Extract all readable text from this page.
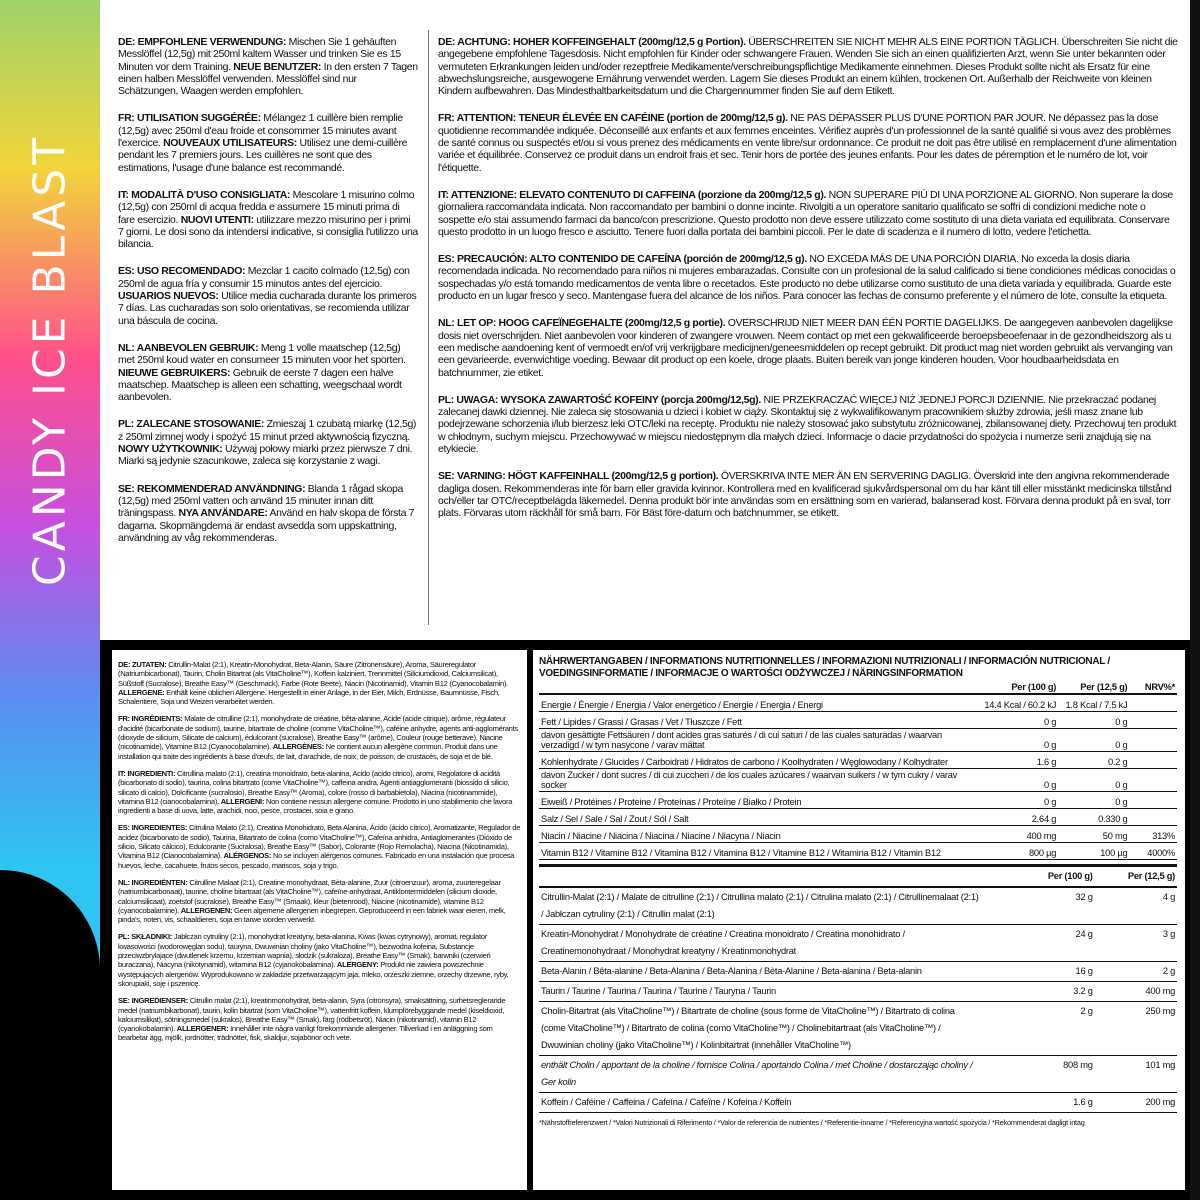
CANDY ICE BLAST
DE: EMPFOHLENE VERWENDUNG: Mischen Sie 1 gehäuften Messlöffel (12,5g) mit 250ml kaltem Wasser und trinken Sie es 15 Minuten vor dem Training. NEUE BENUTZER: In den ersten 7 Tagen einen halben Messlöffel verwenden. Messlöffel sind nur Schätzungen, Waagen werden empfohlen.
FR: UTILISATION SUGGÉRÉE: Mélangez 1 cuillère bien remplie (12,5g) avec 250ml d'eau froide et consommer 15 minutes avant l'exercice. NOUVEAUX UTILISATEURS: Utilisez une demi-cuillère pendant les 7 premiers jours. Les cuillères ne sont que des estimations, l'usage d'une balance est recommandé.
IT: MODALITÀ D'USO CONSIGLIATA: Mescolare 1 misurino colmo (12,5g) con 250ml di acqua fredda e assumere 15 minuti prima di fare esercizio. NUOVI UTENTI: utilizzare mezzo misurino per i primi 7 giorni. Le dosi sono da intendersi indicative, si consiglia l'utilizzo una bilancia.
ES: USO RECOMENDADO: Mezclar 1 cacito colmado (12,5g) con 250ml de agua fría y consumir 15 minutos antes del ejercicio. USUARIOS NUEVOS: Utilice media cucharada durante los primeros 7 días. Las cucharadas son solo orientativas, se recomienda utilizar una báscula de cocina.
NL: AANBEVOLEN GEBRUIK: Meng 1 volle maatschep (12,5g) met 250ml koud water en consumeer 15 minuten voor het sporten. NIEUWE GEBRUIKERS: Gebruik de eerste 7 dagen een halve maatschep. Maatschep is alleen een schatting, weegschaal wordt aanbevolen.
PL: ZALECANE STOSOWANIE: Zmieszaj 1 czubatą miarkę (12,5g) z 250ml zimnej wody i spożyć 15 minut przed aktywnością fizyczną. NOWY UŻYTKOWNIK: Używaj połowy miarki przez pierwsze 7 dni. Miarki są jedynie szacunkowe, zaleca się korzystanie z wagi.
SE: REKOMMENDERAD ANVÄNDNING: Blanda 1 rågad skopa (12,5g) med 250ml vatten och använd 15 minuter innan ditt träningspass. NYA ANVÄNDARE: Använd en halv skopa de första 7 dagarna. Skopmängderna är endast avsedda som uppskattning, användning av våg rekommenderas.
DE: ACHTUNG: HOHER KOFFEINGEHALT (200mg/12,5 g Portion). ÜBERSCHREITEN SIE NICHT MEHR ALS EINE PORTION TÄGLICH. Überschreiten Sie nicht die angegebene empfohlene Tagesdosis. Nicht empfohlen für Kinder oder schwangere Frauen. Wenden Sie sich an einen qualifizierten Arzt, wenn Sie unter bekannten oder vermuteten Erkrankungen leiden und/oder rezeptfreie Medikamente/verschreibungspflichtige Medikamente einnehmen. Dieses Produkt sollte nicht als Ersatz für eine abwechslungsreiche, ausgewogene Ernährung verwendet werden. Lagern Sie dieses Produkt an einem kühlen, trockenen Ort. Außerhalb der Reichweite von kleinen Kindern aufbewahren. Das Mindesthaltbarkeitsdatum und die Chargennummer finden Sie auf dem Etikett.
FR: ATTENTION: TENEUR ÉLEVÉE EN CAFÉINE (portion de 200mg/12,5 g). NE PAS DÉPASSER PLUS D'UNE PORTION PAR JOUR. Ne dépassez pas la dose quotidienne recommandée indiquée. Déconseillé aux enfants et aux femmes enceintes. Vérifiez auprès d'un professionnel de la santé qualifié si vous avez des problèmes de santé connus ou suspectés et/ou si vous prenez des médicaments en vente libre/sur ordonnance. Ce produit ne doit pas être utilisé en remplacement d'une alimentation variée et équilibrée. Conservez ce produit dans un endroit frais et sec. Tenir hors de portée des jeunes enfants. Pour les dates de péremption et le numéro de lot, voir l'étiquette.
IT: ATTENZIONE: ELEVATO CONTENUTO DI CAFFEINA (porzione da 200mg/12,5 g). NON SUPERARE PIÙ DI UNA PORZIONE AL GIORNO. Non superare la dose giornaliera raccomandata indicata. Non raccomandato per bambini o donne incinte. Rivolgiti a un operatore sanitario qualificato se soffri di condizioni mediche note o sospette e/o stai assumendo farmaci da banco/con prescrizione. Questo prodotto non deve essere utilizzato come sostituto di una dieta variata ed equilibrata. Conservare questo prodotto in un luogo fresco e asciutto. Tenere fuori dalla portata dei bambini piccoli. Per le date di scadenza e il numero di lotto, vedere l'etichetta.
ES: PRECAUCIÓN: ALTO CONTENIDO DE CAFEÍNA (porción de 200mg/12,5 g). NO EXCEDA MÁS DE UNA PORCIÓN DIARIA. No exceda la dosis diaria recomendada indicada. No recomendado para niños ni mujeres embarazadas. Consulte con un profesional de la salud calificado si tiene condiciones médicas conocidas o sospechadas y/o está tomando medicamentos de venta libre o recetados. Este producto no debe utilizarse como sustituto de una dieta variada y equilibrada. Guarde este producto en un lugar fresco y seco. Mantengase fuera del alcance de los niños. Para conocer las fechas de consumo preferente y el número de lote, consulte la etiqueta.
NL: LET OP: HOOG CAFEÏNEGEHALTE (200mg/12,5 g portie). OVERSCHRIJD NIET MEER DAN ÉÉN PORTIE DAGELIJKS. De aangegeven aanbevolen dagelijkse dosis niet overschrijden. Niet aanbevolen voor kinderen of zwangere vrouwen. Neem contact op met een gekwalificeerde beroepsbeoefenaar in de gezondheidszorg als u een medische aandoening kent of vermoedt en/of vrij verkrijgbare medicijnen/geneesmiddelen op recept gebruikt. Dit product mag niet worden gebruikt als vervanging van een gevarieerde, evenwichtige voeding. Bewaar dit product op een koele, droge plaats. Buiten bereik van jonge kinderen houden. Voor houdbaarheidsdata en batchnummer, zie etiket.
PL: UWAGA: WYSOKA ZAWARTOŚĆ KOFEINY (porcja 200mg/12,5g). NIE PRZEKRACZAĆ WIĘCEJ NIŻ JEDNEJ PORCJI DZIENNIE. Nie przekraczać podanej zalecanej dawki dziennej. Nie zaleca się stosowania u dzieci i kobiet w ciąży. Skontaktuj się z wykwalifikowanym pracownikiem służby zdrowia, jeśli masz znane lub podejrzewane schorzenia i/lub bierzesz leki OTC/leki na receptę. Produktu nie należy stosować jako substytutu zróżnicowanej, zbilansowanej diety. Przechowuj ten produkt w chłodnym, suchym miejscu. Przechowywać w miejscu niedostępnym dla małych dzieci. Informacje o dacie przydatności do spożycia i numerze serii znajdują się na etykiecie.
SE: VARNING: HÖGT KAFFEINHALL (200mg/12,5 g portion). ÖVERSKRIVA INTE MER ÄN EN SERVERING DAGLIG. Överskrid inte den angivna rekommenderade dagliga dosen. Rekommenderas inte för barn eller gravida kvinnor. Kontrollera med en kvalificerad sjukvårdspersonal om du har känt till eller misstänkt medicinska tillstånd och/eller tar OTC/receptbelagda läkemedel. Denna produkt bör inte användas som en ersättning som en varierad, balanserad kost. Förvara denna produkt på en sval, torr plats. Förvaras utom räckhåll för små barn. För Bäst före-datum och batchnummer, se etikett.
DE: ZUTATEN: Citrullin-Malat (2:1), Kreatin-Monohydrat, Beta-Alanin, Säure (Zitronensäure), Aroma, Säureregulator (Natriumbicarbonat), Taurin, Cholin Bitartrat (als VitaCholine™), Koffein kalziniert, Trennmittel (Siliciumdioxid, Calciumsilicat), Süßstoff (Sucralose), Breathe Easy™ (Geschmack), Farbe (Rote Beete), Niacin (Nicotinamid), Vitamin B12 (Cyanocobalamin). ALLERGENE: Enthält keine üblichen Allergene. Hergestellt in einer Anlage, in der Eier, Milch, Erdnüsse, Baumnüsse, Fisch, Schalentiere, Soja und Weizen verarbeitet werden.
FR: INGRÉDIENTS: Malate de citrulline (2:1), monohydrate de créatine, bêta-alanine, Acide (acide citrique), arôme, régulateur d'acidité (bicarbonate de sodium), taurine, bitartrate de choline (comme VitaCholine™), caféine anhydre, agents anti-agglomérants (dioxyde de silicium, Silicate de calcium), édulcorant (sucralose), Breathe Easy™ (arôme), Couleur (rouge betterave), Niacine (nicotinamide), Vitamine B12 (Cyanocobalamine). ALLERGÈNES: Ne contient aucun allergène commun. Produit dans une installation qui traite des ingrédients à base d'œufs, de lait, d'arachide, de noix, de poisson, de crustacés, de soja et de blé.
IT: INGREDIENTI: Citrullina malato (2:1), creatina monoidrato, beta-alanina, Acido (acido citrico), aromi, Regolatore di acidità (bicarbonato di sodio), taurina, colina bitartrato (come VitaCholine™), caffeina anidra, Agenti antiagglomeranti (biossido di silicio, silicato di calcio), Dolcificante (sucralosio), Breathe Easy™ (Aroma), colore (rosso di barbabietola), Niacina (nicotinammide), vitamina B12 (cianocobalamina). ALLERGENI: Non contiene nessun allergene comune. Prodotto in uno stabilimento che lavora ingredienti a base di uova, latte, arachidi, noci, pesce, crostacei, soia e grano.
ES: INGREDIENTES: Citrulina Malato (2:1), Creatina Monohidrato, Beta Alanina, Ácido (ácido cítrico), Aromatizante, Regulador de acidez (bicarbonato de sodio), Taurina, Bitartrato de colina (como VitaCholine™), Cafeína anhidra, Antiaglomerantes (Dióxido de silicio, Silicato cálcico), Edulcorante (Sucralosa), Breathe Easy™ (Sabor), Colorante (Rojo Remolacha), Niacina (Nicotinamida), Vitamina B12 (Cianocobalamina). ALÉRGENOS: No se incluyen alérgenos comunes. Fabricado en una instalación que procesa huevos, leche, cacahuete, frutos secos, pescado, mariscos, soja y trigo.
NL: INGREDIËNTEN: Citrulline Malaat (2:1), Creatine monohydraat, Bèta-alanine, Zuur (citroenzuur), aroma, zuurteregelaar (natriumbicarbonaat), taurine, choline bitartraat (als VitaCholine™), cafeïne-anhydraat, Antiklontermiddelen (silicium dioxide, calciumsilicaat), zoetstof (sucralose), Breathe Easy™ (Smaak), kleur (bietenrood), Niacine (nicotinamide), vitamine B12 (cyanocobalamine). ALLERGENEN: Geen algemene allergenen inbegrepen. Geproduceerd in een fabriek waar eieren, melk, pinda's, noten, vis, schaaldieren, soja en tarwe worden verwerkt.
PL: SKŁADNIKI: Jabłczan cytruliny (2:1), monohydrat kreatyny, beta-alanina, Kwas (kwas cytrynowy), aromat, regulator kwasowości (wodorowęglan sodu), tauryna, Dwuwinian choliny (jako VitaCholine™), bezwodna kofeina, Substancje przeciwzbrylające (dwutlenek krzemu, krzemian wapnia), słodzik (sukraloza), Breathe Easy™ (Smak), barwniki (czerwień buraczana), Niacyna (nikotynamid), witamina B12 (cyjanokobalamina). ALERGENY: Produkt nie zawiera powszechnie występujących alergenów. Wyprodukowano w zakładzie przetwarzającym jaja, mleko, orzeszki ziemne, orzechy drzewne, ryby, skorupiaki, soję i pszenicę.
SE: INGREDIENSER: Citrullin malat (2:1), kreatinmonohydrat, beta-alanin, Syra (citronsyra), smaksättning, surhetsreglerande medel (natriumbikarbonat), taurin, kolin bitartrat (som VitaCholine™), vattenfritt koffein, klumpförebyggande medel (kiseldioxid, kalciumsilikat), sötningsmedel (sukralos), Breathe Easy™ (Smak), färg (rödbetsröt), Niacin (nikotinamid), vitamin B12 (cyanokobalamin). ALLERGENER: Innehåller inte några vanligt förekommande allergener. Tillverkad i en anläggning som bearbetar ägg, mjölk, jordnötter, trädnötter, fisk, skaldjur, sojabönor och vete.
NÄHRWERTANGABEN / INFORMATIONS NUTRITIONNELLES / INFORMAZIONI NUTRIZIONALI / INFORMACIÓN NUTRICIONAL / VOEDINGSINFORMATIE / INFORMACJE O WARTOŚCI ODŻYWCZEJ / NÄRINGSINFORMATION
	Per (100 g)	Per (12,5 g)	NRV%*
Energie / Énergie / Energia / Valor energético / Energie / Energia / Energi	14.4 Kcal / 60.2 kJ	1.8 Kcal / 7.5 kJ	
Fett / Lipides / Grassi / Grasas / Vet / Tłuszcze / Fett	0 g	0 g	
davon gesättigte Fettsäuren / dont acides gras saturés / di cui saturi / de las cuales saturadas / waarvan verzadigd / w tym nasycone / varav mättat	0 g	0 g	
Kohlenhydrate / Glucides / Carboidrati / Hidratos de carbono / Koolhydraten / Węglowodany / Kolhydrater	1.6 g	0.2 g	
davon Zucker / dont sucres / di cui zuccheri / de los cuales azúcares / waarvan suikers / w tym cukry / varav socker	0 g	0 g	
Eiweiß / Protéines / Proteine / Proteínas / Proteïne / Białko / Protein	0 g	0 g	
Salz / Sel / Sale / Sal / Zout / Sól / Salt	2.64 g	0.330 g	
Niacin / Niacine / Niacina / Niacina / Niacine / Niacyna / Niacin	400 mg	50 mg	313%
Vitamin B12 / Vitamine B12 / Vitamina B12 / Vitamina B12 / Vitamine B12 / Witamina B12 / Vitamin B12	800 µg	100 µg	4000%
	Per (100 g)	Per (12,5 g)
Citrullin-Malat (2:1) / Malate de citrulline (2:1) / Citrullina malato (2:1) / Citrulina malato (2:1) / Citrullinemalaat (2:1) / Jabłczan cytruliny (2:1) / Citrullin malat (2:1)	32 g	4 g
Kreatin-Monohydrat / Monohydrate de créatine / Creatina monoidrato / Creatina monohidrato / Creatinemonohydraat / Monohydrat kreatyny / Kreatinmonohydrat	24 g	3 g
Beta-Alanin / Bêta-alanine / Beta-Alanina / Beta-Alanina / Bèta-Alanine / Beta-alanina / Beta-alanin	16 g	2 g
Taurin / Taurine / Taurina / Taurina / Taurine / Tauryna / Taurin	3.2 g	400 mg
Cholin-Bitartrat (als VitaCholine™) / Bitartrate de choline (sous forme de VitaCholine™) / Bitartrato di colina (come VitaCholine™) / Bitartrato de colina (como VitaCholine™) / Cholinebitartraat (als VitaCholine™) / Dwuwinian choliny (jako VitaCholine™) / Kolinbitartrat (innehåller VitaCholine™)	2 g	250 mg
enthält Cholin / apportant de la choline / fornisce Colina / aportando Colina / met Choline / dostarczając choliny / Ger kolin	808 mg	101 mg
Koffein / Caféine / Caffeina / Cafeína / Cafeïne / Kofeina / Koffein	1.6 g	200 mg
*Nährstoffreferenzwert / *Valori Nutrizionali di Riferimento / *Valor de referencia de nutrientes / *Referentie-inname / *Referencyjna wartość spożycia / *Rekommenderat dagligt intag
